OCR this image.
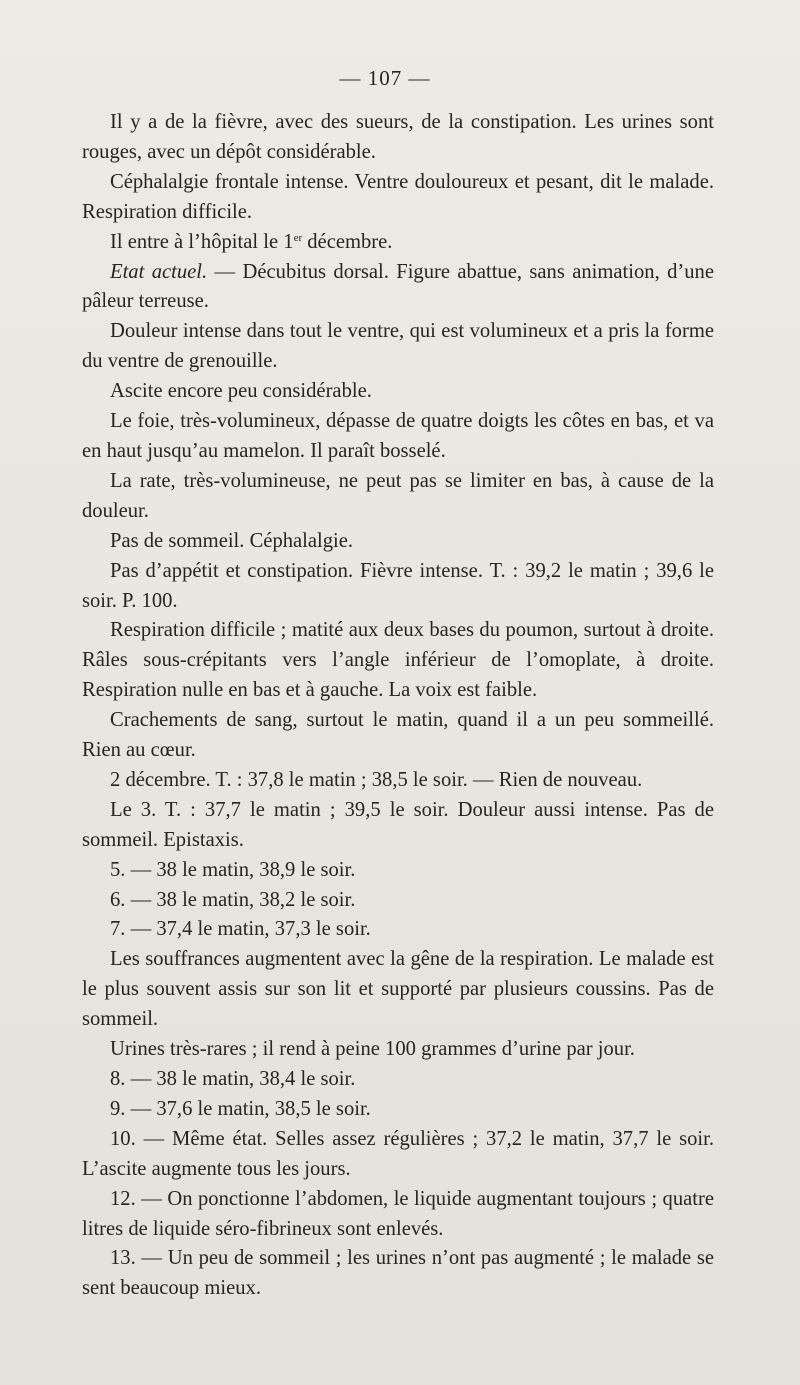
— 107 —

Il y a de la fièvre, avec des sueurs, de la constipation. Les urines sont rouges, avec un dépôt considérable.

Céphalalgie frontale intense. Ventre douloureux et pesant, dit le malade. Respiration difficile.

Il entre à l’hôpital le 1er décembre.

Etat actuel. — Décubitus dorsal. Figure abattue, sans animation, d’une pâleur terreuse.

Douleur intense dans tout le ventre, qui est volumineux et a pris la forme du ventre de grenouille.

Ascite encore peu considérable.

Le foie, très-volumineux, dépasse de quatre doigts les côtes en bas, et va en haut jusqu’au mamelon. Il paraît bosselé.

La rate, très-volumineuse, ne peut pas se limiter en bas, à cause de la douleur.

Pas de sommeil. Céphalalgie.

Pas d’appétit et constipation. Fièvre intense. T. : 39,2 le matin ; 39,6 le soir. P. 100.

Respiration difficile ; matité aux deux bases du poumon, surtout à droite. Râles sous-crépitants vers l’angle inférieur de l’omoplate, à droite. Respiration nulle en bas et à gauche. La voix est faible.

Crachements de sang, surtout le matin, quand il a un peu sommeillé. Rien au cœur.

2 décembre. T. : 37,8 le matin ; 38,5 le soir. — Rien de nouveau.

Le 3. T. : 37,7 le matin ; 39,5 le soir. Douleur aussi intense. Pas de sommeil. Epistaxis.

5. — 38 le matin, 38,9 le soir.

6. — 38 le matin, 38,2 le soir.

7. — 37,4 le matin, 37,3 le soir.

Les souffrances augmentent avec la gêne de la respiration. Le malade est le plus souvent assis sur son lit et supporté par plusieurs coussins. Pas de sommeil.

Urines très-rares ; il rend à peine 100 grammes d’urine par jour.

8. — 38 le matin, 38,4 le soir.

9. — 37,6 le matin, 38,5 le soir.

10. — Même état. Selles assez régulières ; 37,2 le matin, 37,7 le soir. L’ascite augmente tous les jours.

12. — On ponctionne l’abdomen, le liquide augmentant toujours ; quatre litres de liquide séro-fibrineux sont enlevés.

13. — Un peu de sommeil ; les urines n’ont pas augmenté ; le malade se sent beaucoup mieux.
